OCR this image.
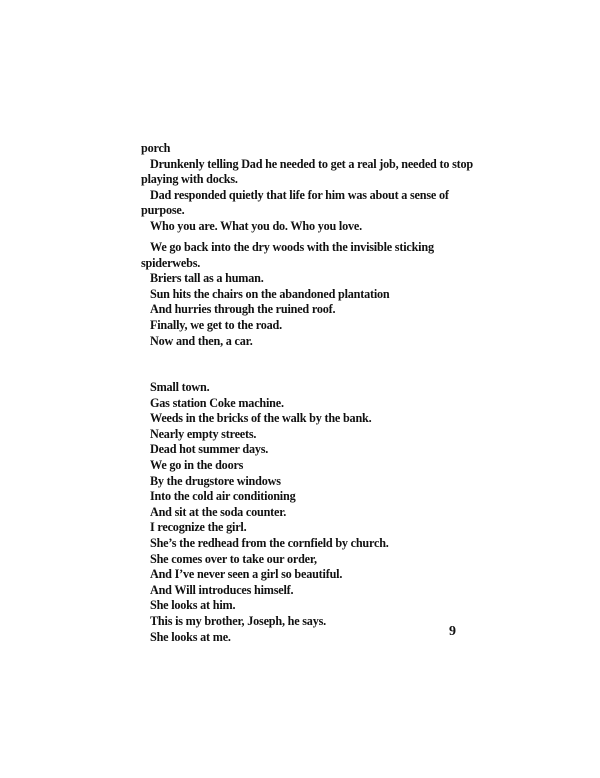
porch
Drunkenly telling Dad he needed to get a real job, needed to stop
playing with docks.
Dad responded quietly that life for him was about a sense of
purpose.
Who you are. What you do. Who you love.
We go back into the dry woods with the invisible sticking
spiderwebs.
Briers tall as a human.
Sun hits the chairs on the abandoned plantation
And hurries through the ruined roof.
Finally, we get to the road.
Now and then, a car.
Small town.
Gas station Coke machine.
Weeds in the bricks of the walk by the bank.
Nearly empty streets.
Dead hot summer days.
We go in the doors
By the drugstore windows
Into the cold air conditioning
And sit at the soda counter.
I recognize the girl.
She’s the redhead from the cornfield by church.
She comes over to take our order,
And I’ve never seen a girl so beautiful.
And Will introduces himself.
She looks at him.
This is my brother, Joseph, he says.
She looks at me.	9
